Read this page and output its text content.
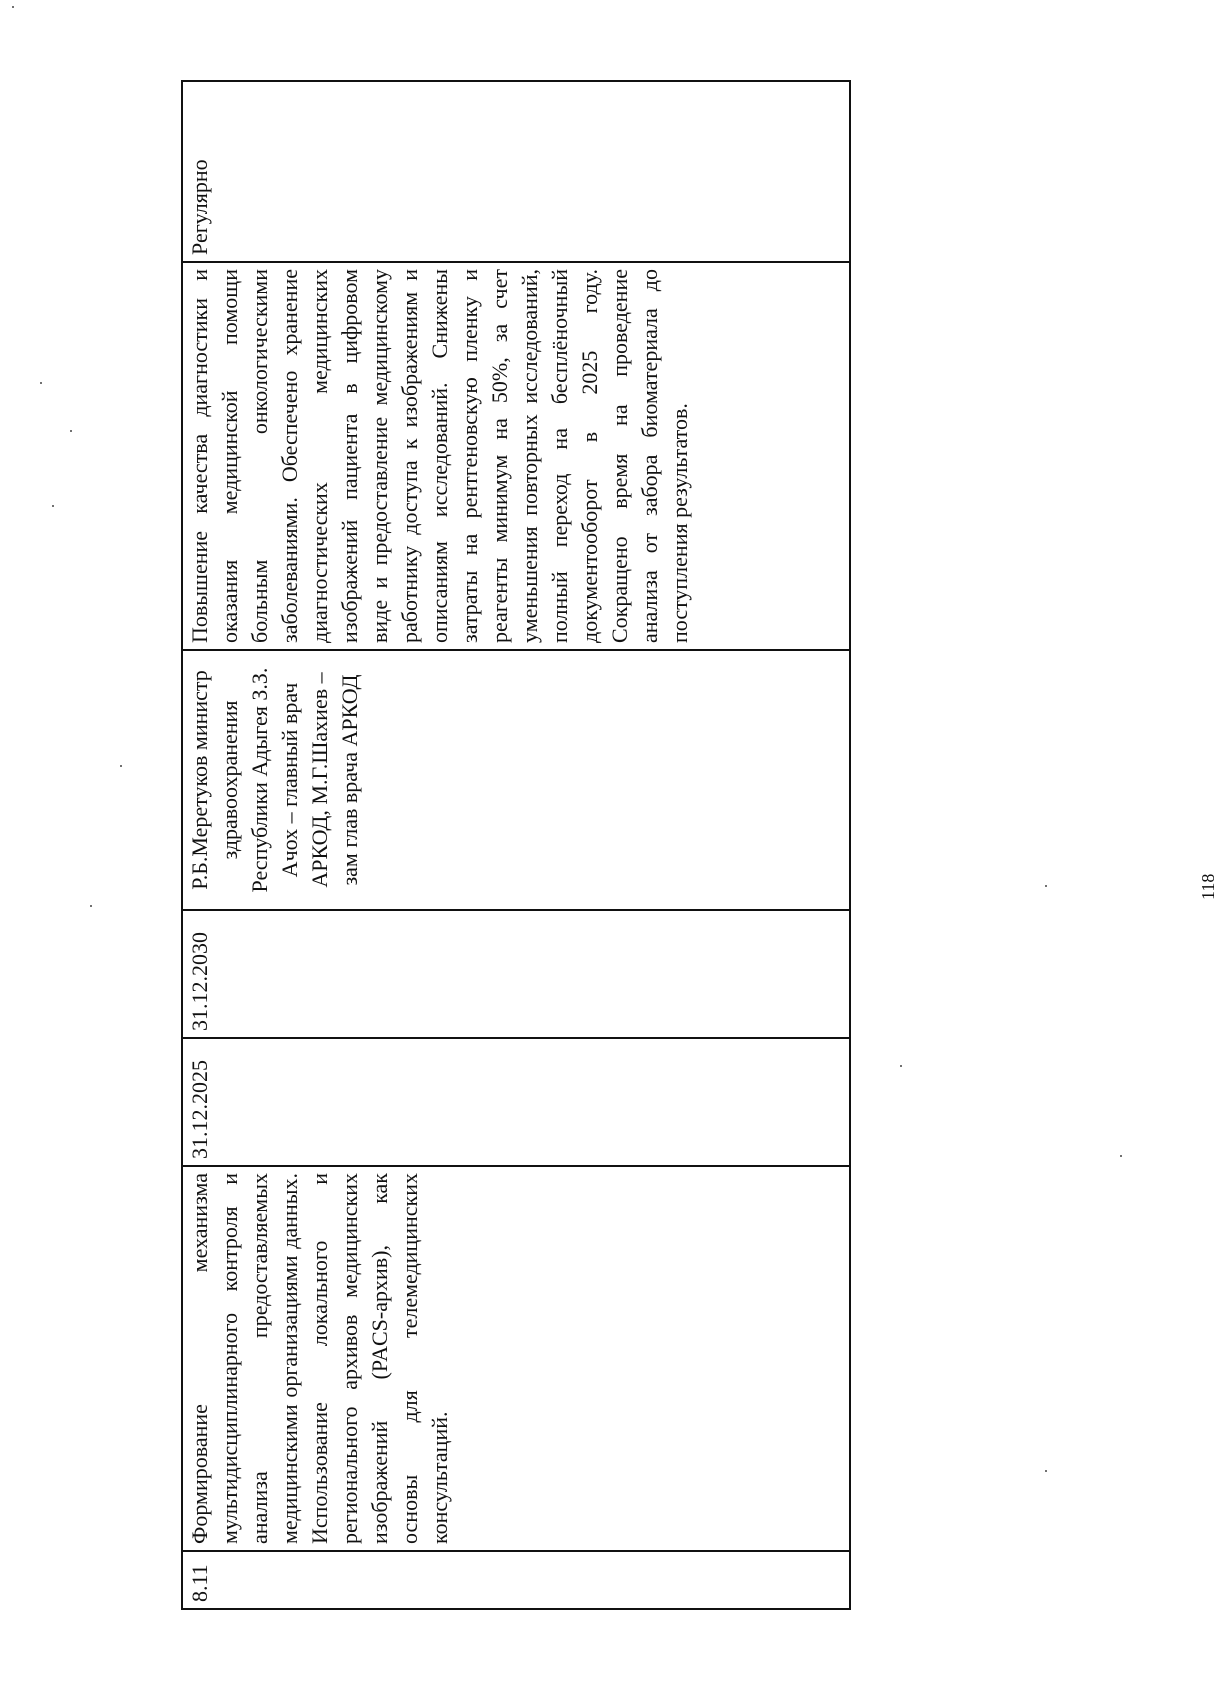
8.11	Формирование механизма мультидисциплинарного контроля и анализа предоставляемых медицинскими организациями данных. Использование локального и регионального архивов медицинских изображений (PACS-архив), как основы для телемедицинских консультаций.	31.12.2025	31.12.2030	Р.Б.Меретуков министр здравоохранения Республики Адыгея З.З. Ачох – главный врач АРКОД, М.Г.Шахиев – зам глав врача АРКОД	Повышение качества диагностики и оказания медицинской помощи больным онкологическими заболеваниями. Обеспечено хранение диагностических медицинских изображений пациента в цифровом виде и предоставление медицинскому работнику доступа к изображениям и описаниям исследований. Снижены затраты на рентгеновскую пленку и реагенты минимум на 50%, за счет уменьшения повторных исследований, полный переход на бесплёночный документооборот в 2025 году. Сокращено время на проведение анализа от забора биоматериала до поступления результатов.	Регулярно
118
